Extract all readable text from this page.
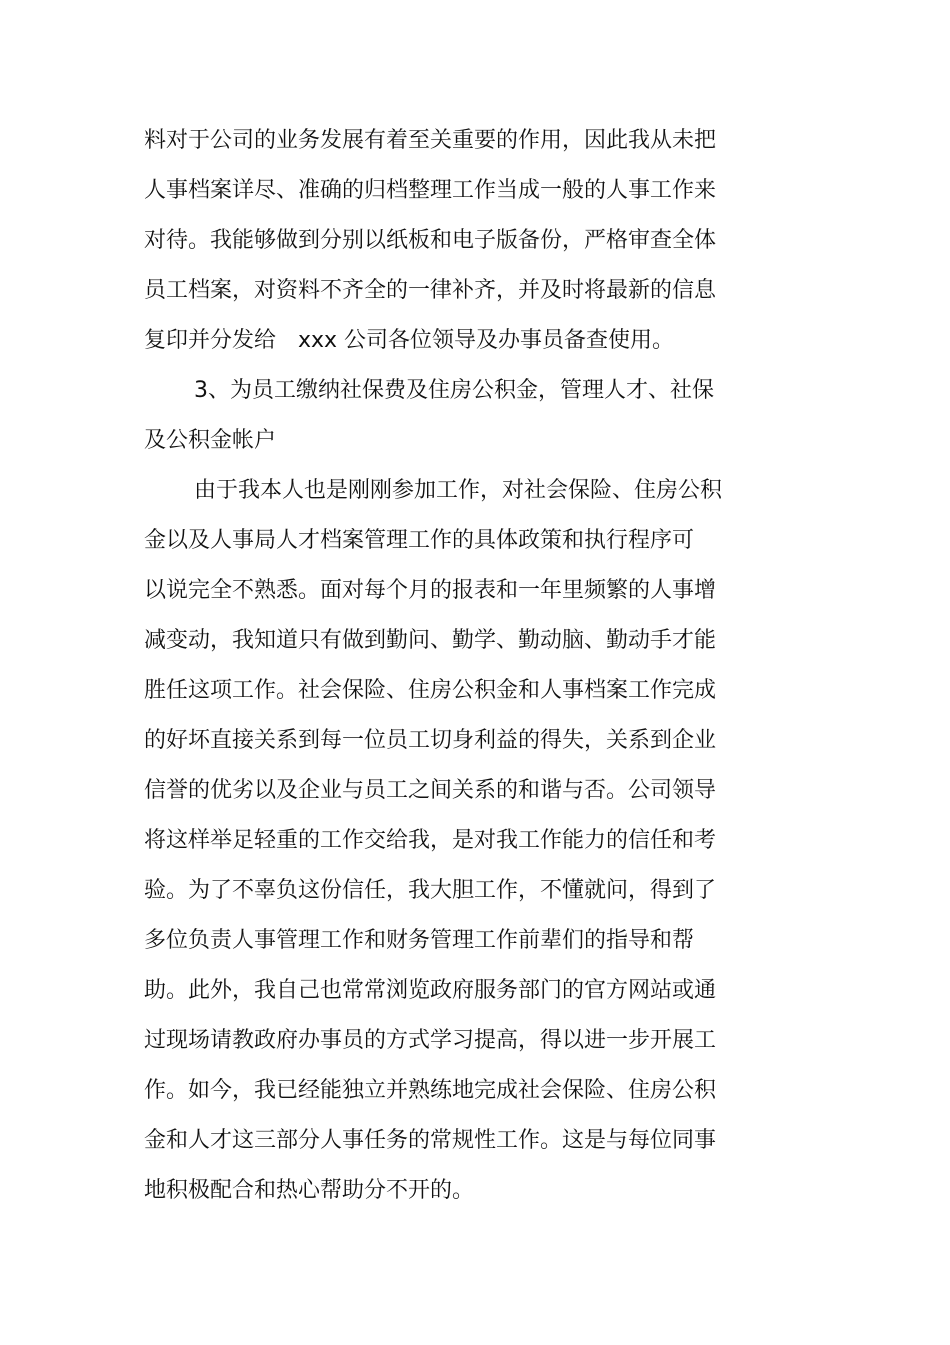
料对于公司的业务发展有着至关重要的作用，因此我从未把
人事档案详尽、准确的归档整理工作当成一般的人事工作来
对待。我能够做到分别以纸板和电子版备份，严格审查全体
员工档案，对资料不齐全的一律补齐，并及时将最新的信息
复印并分发给　xxx 公司各位领导及办事员备查使用。
3、为员工缴纳社保费及住房公积金，管理人才、社保
及公积金帐户
由于我本人也是刚刚参加工作，对社会保险、住房公积
金以及人事局人才档案管理工作的具体政策和执行程序可
以说完全不熟悉。面对每个月的报表和一年里频繁的人事增
减变动，我知道只有做到勤问、勤学、勤动脑、勤动手才能
胜任这项工作。社会保险、住房公积金和人事档案工作完成
的好坏直接关系到每一位员工切身利益的得失，关系到企业
信誉的优劣以及企业与员工之间关系的和谐与否。公司领导
将这样举足轻重的工作交给我，是对我工作能力的信任和考
验。为了不辜负这份信任，我大胆工作，不懂就问，得到了
多位负责人事管理工作和财务管理工作前辈们的指导和帮
助。此外，我自己也常常浏览政府服务部门的官方网站或通
过现场请教政府办事员的方式学习提高，得以进一步开展工
作。如今，我已经能独立并熟练地完成社会保险、住房公积
金和人才这三部分人事任务的常规性工作。这是与每位同事
地积极配合和热心帮助分不开的。
